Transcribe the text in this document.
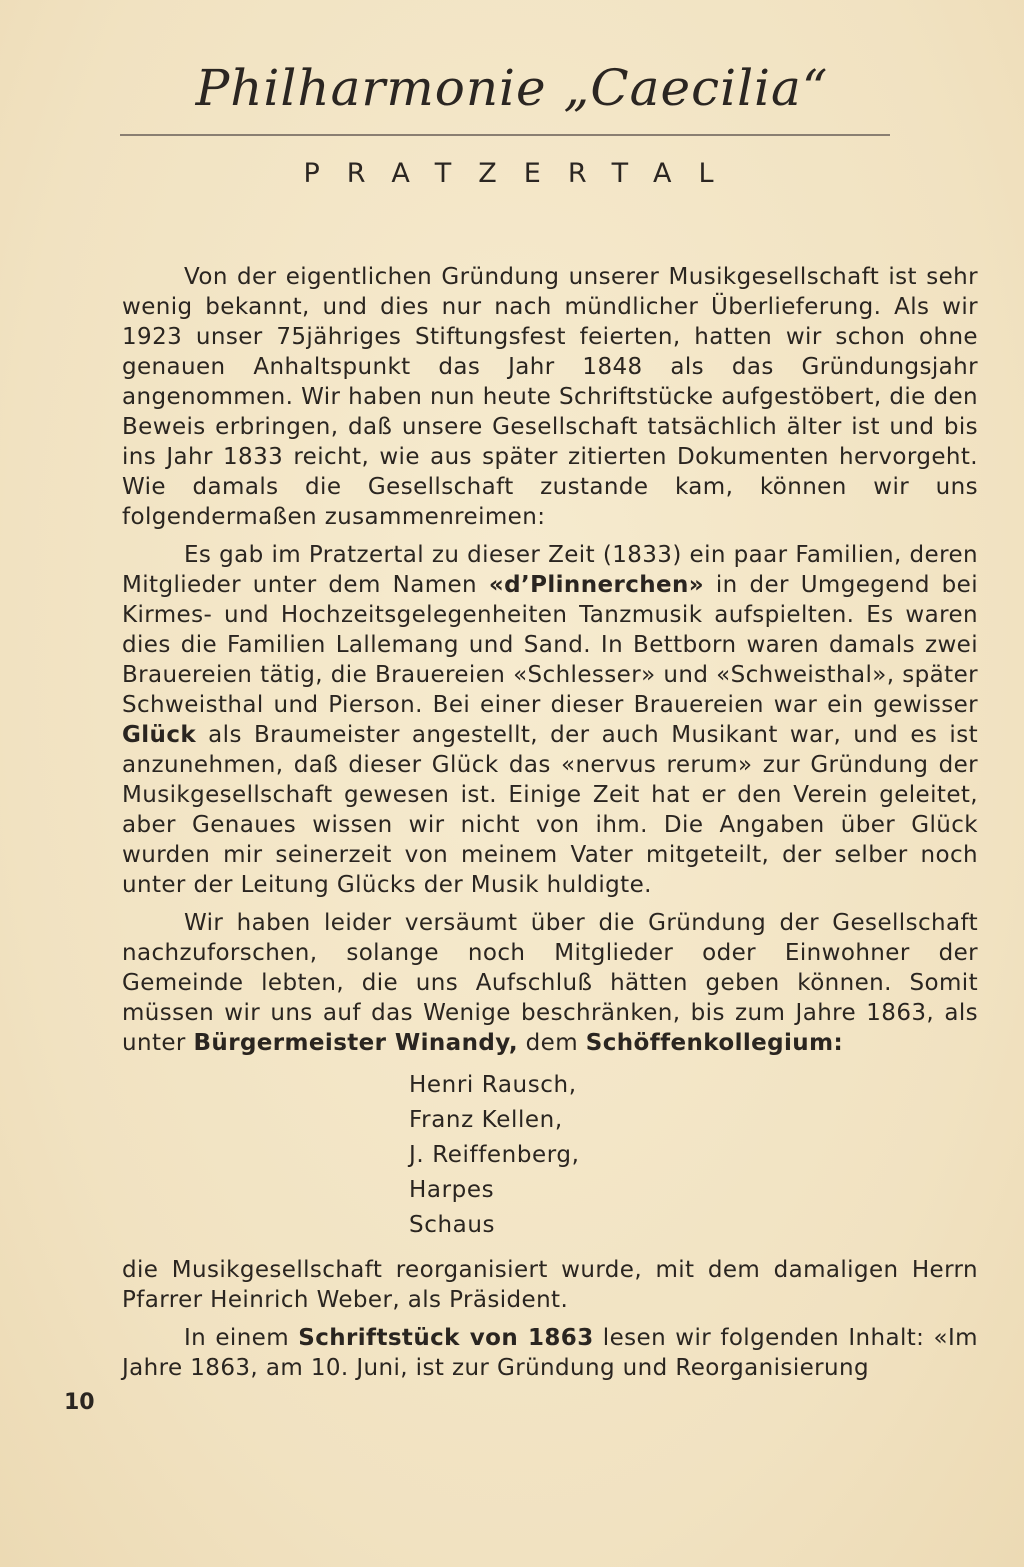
Philharmonie „Caecilia“
PRATZERTAL

Von der eigentlichen Gründung unserer Musikgesellschaft ist sehr wenig bekannt, und dies nur nach mündlicher Überlieferung. Als wir 1923 unser 75jähriges Stiftungsfest feierten, hatten wir schon ohne genauen Anhaltspunkt das Jahr 1848 als das Gründungsjahr angenommen. Wir haben nun heute Schriftstücke aufgestöbert, die den Beweis erbringen, daß unsere Gesellschaft tatsächlich älter ist und bis ins Jahr 1833 reicht, wie aus später zitierten Dokumenten hervorgeht. Wie damals die Gesellschaft zustande kam, können wir uns folgendermaßen zusammenreimen:

Es gab im Pratzertal zu dieser Zeit (1833) ein paar Familien, deren Mitglieder unter dem Namen «d’Plinnerchen» in der Umgegend bei Kirmes- und Hochzeitsgelegenheiten Tanzmusik aufspielten. Es waren dies die Familien Lallemang und Sand. In Bettborn waren damals zwei Brauereien tätig, die Brauereien «Schlesser» und «Schweisthal», später Schweisthal und Pierson. Bei einer dieser Brauereien war ein gewisser Glück als Braumeister angestellt, der auch Musikant war, und es ist anzunehmen, daß dieser Glück das «nervus rerum» zur Gründung der Musikgesellschaft gewesen ist. Einige Zeit hat er den Verein geleitet, aber Genaues wissen wir nicht von ihm. Die Angaben über Glück wurden mir seinerzeit von meinem Vater mitgeteilt, der selber noch unter der Leitung Glücks der Musik huldigte.

Wir haben leider versäumt über die Gründung der Gesellschaft nachzuforschen, solange noch Mitglieder oder Einwohner der Gemeinde lebten, die uns Aufschluß hätten geben können. Somit müssen wir uns auf das Wenige beschränken, bis zum Jahre 1863, als unter Bürgermeister Winandy, dem Schöffenkollegium:

Henri Rausch,
Franz Kellen,
J. Reiffenberg,
Harpes
Schaus

die Musikgesellschaft reorganisiert wurde, mit dem damaligen Herrn Pfarrer Heinrich Weber, als Präsident.

In einem Schriftstück von 1863 lesen wir folgenden Inhalt: «Im Jahre 1863, am 10. Juni, ist zur Gründung und Reorganisierung

10
